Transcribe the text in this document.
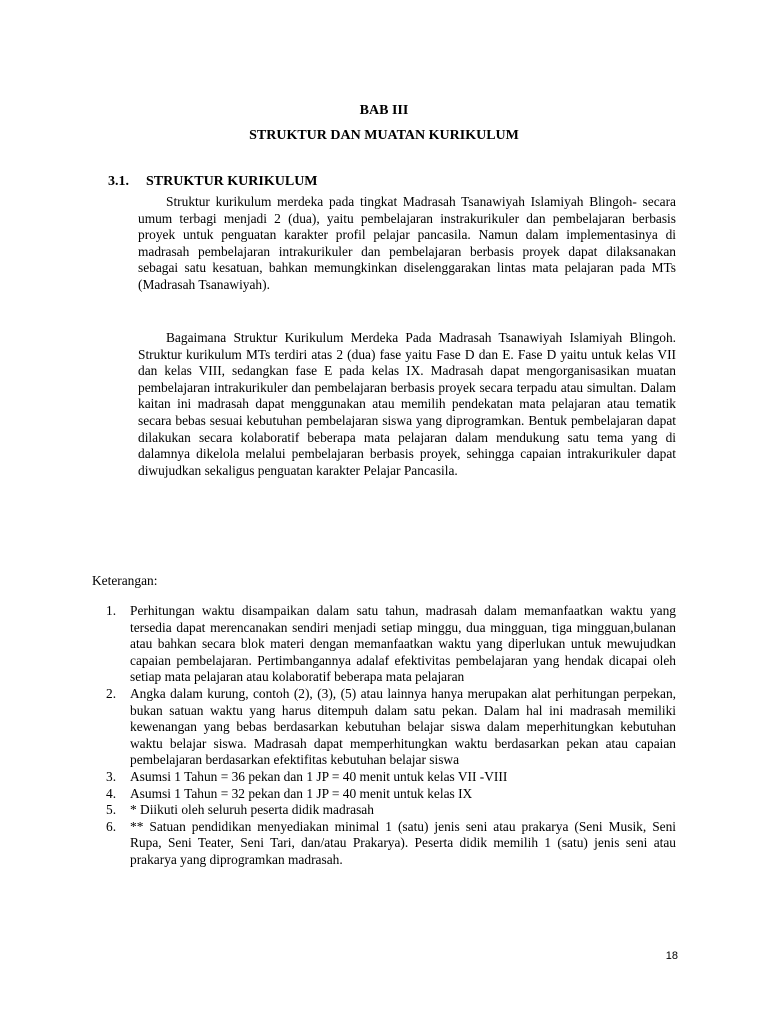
BAB III
STRUKTUR DAN MUATAN KURIKULUM
3.1. STRUKTUR KURIKULUM

Struktur kurikulum merdeka pada tingkat Madrasah Tsanawiyah Islamiyah Blingoh- secara umum terbagi menjadi 2 (dua), yaitu pembelajaran instrakurikuler dan pembelajaran berbasis proyek untuk penguatan karakter profil pelajar pancasila. Namun dalam implementasinya di madrasah pembelajaran intrakurikuler dan pembelajaran berbasis proyek dapat dilaksanakan sebagai satu kesatuan, bahkan memungkinkan diselenggarakan lintas mata pelajaran pada MTs (Madrasah Tsanawiyah).

Bagaimana Struktur Kurikulum Merdeka Pada Madrasah Tsanawiyah Islamiyah Blingoh. Struktur kurikulum MTs terdiri atas 2 (dua) fase yaitu Fase D dan E. Fase D yaitu untuk kelas VII dan kelas VIII, sedangkan fase E pada kelas IX. Madrasah dapat mengorganisasikan muatan pembelajaran intrakurikuler dan pembelajaran berbasis proyek secara terpadu atau simultan. Dalam kaitan ini madrasah dapat menggunakan atau memilih pendekatan mata pelajaran atau tematik secara bebas sesuai kebutuhan pembelajaran siswa yang diprogramkan. Bentuk pembelajaran dapat dilakukan secara kolaboratif beberapa mata pelajaran dalam mendukung satu tema yang di dalamnya dikelola melalui pembelajaran berbasis proyek, sehingga capaian intrakurikuler dapat diwujudkan sekaligus penguatan karakter Pelajar Pancasila.

Keterangan:
1.	Perhitungan waktu disampaikan dalam satu tahun, madrasah dalam memanfaatkan waktu yang tersedia dapat merencanakan sendiri menjadi setiap minggu, dua mingguan, tiga mingguan,bulanan atau bahkan secara blok materi dengan memanfaatkan waktu yang diperlukan untuk mewujudkan capaian pembelajaran. Pertimbangannya adalaf efektivitas pembelajaran yang hendak dicapai oleh setiap mata pelajaran atau kolaboratif beberapa mata pelajaran
2.	Angka dalam kurung, contoh (2), (3), (5) atau lainnya hanya merupakan alat perhitungan perpekan, bukan satuan waktu yang harus ditempuh dalam satu pekan. Dalam hal ini madrasah memiliki kewenangan yang bebas berdasarkan kebutuhan belajar siswa dalam meperhitungkan kebutuhan waktu belajar siswa. Madrasah dapat memperhitungkan waktu berdasarkan pekan atau capaian pembelajaran berdasarkan efektifitas kebutuhan belajar siswa
3.	Asumsi 1 Tahun = 36 pekan dan 1 JP = 40 menit untuk kelas VII -VIII
4.	Asumsi 1 Tahun = 32 pekan dan 1 JP = 40 menit untuk kelas IX
5.	* Diikuti oleh seluruh peserta didik madrasah
6.	** Satuan pendidikan menyediakan minimal 1 (satu) jenis seni atau prakarya (Seni Musik, Seni Rupa, Seni Teater, Seni Tari, dan/atau Prakarya). Peserta didik memilih 1 (satu) jenis seni atau prakarya yang diprogramkan madrasah.
18
